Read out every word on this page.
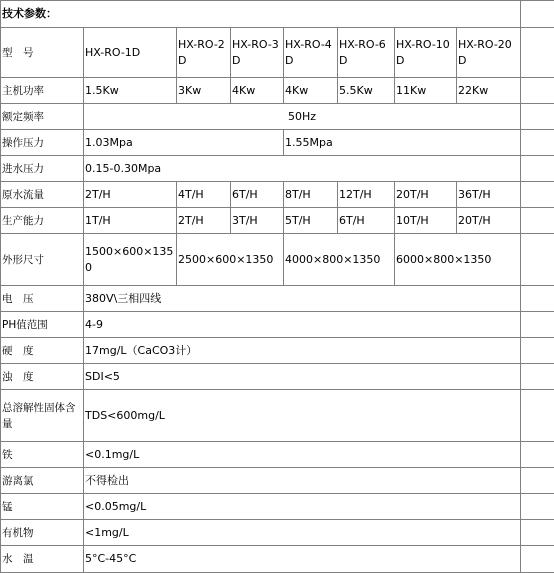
技术参数：								
型　号	HX-RO-1D	HX-RO-2D	HX-RO-3D	HX-RO-4D	HX-RO-6D	HX-RO-10D	HX-RO-20D	
主机功率	1.5Kw	3Kw	4Kw	4Kw	5.5Kw	11Kw	22Kw	
额定频率	50Hz							
操作压力	1.03Mpa			1.55Mpa				
进水压力	0.15-0.30Mpa							
原水流量	2T/H	4T/H	6T/H	8T/H	12T/H	20T/H	36T/H	
生产能力	1T/H	2T/H	3T/H	5T/H	6T/H	10T/H	20T/H	
外形尺寸	1500×600×1350	2500×600×1350		4000×800×1350		6000×800×1350		
电　压	380V\三相四线							
PH值范围	4-9							
硬　度	17mg/L（CaCO3计）							
浊　度	SDI<5							
总溶解性固体含量	TDS<600mg/L							
铁	<0.1mg/L							
游离氯	不得检出							
锰	<0.05mg/L							
有机物	<1mg/L							
水　温	5°C-45°C							
